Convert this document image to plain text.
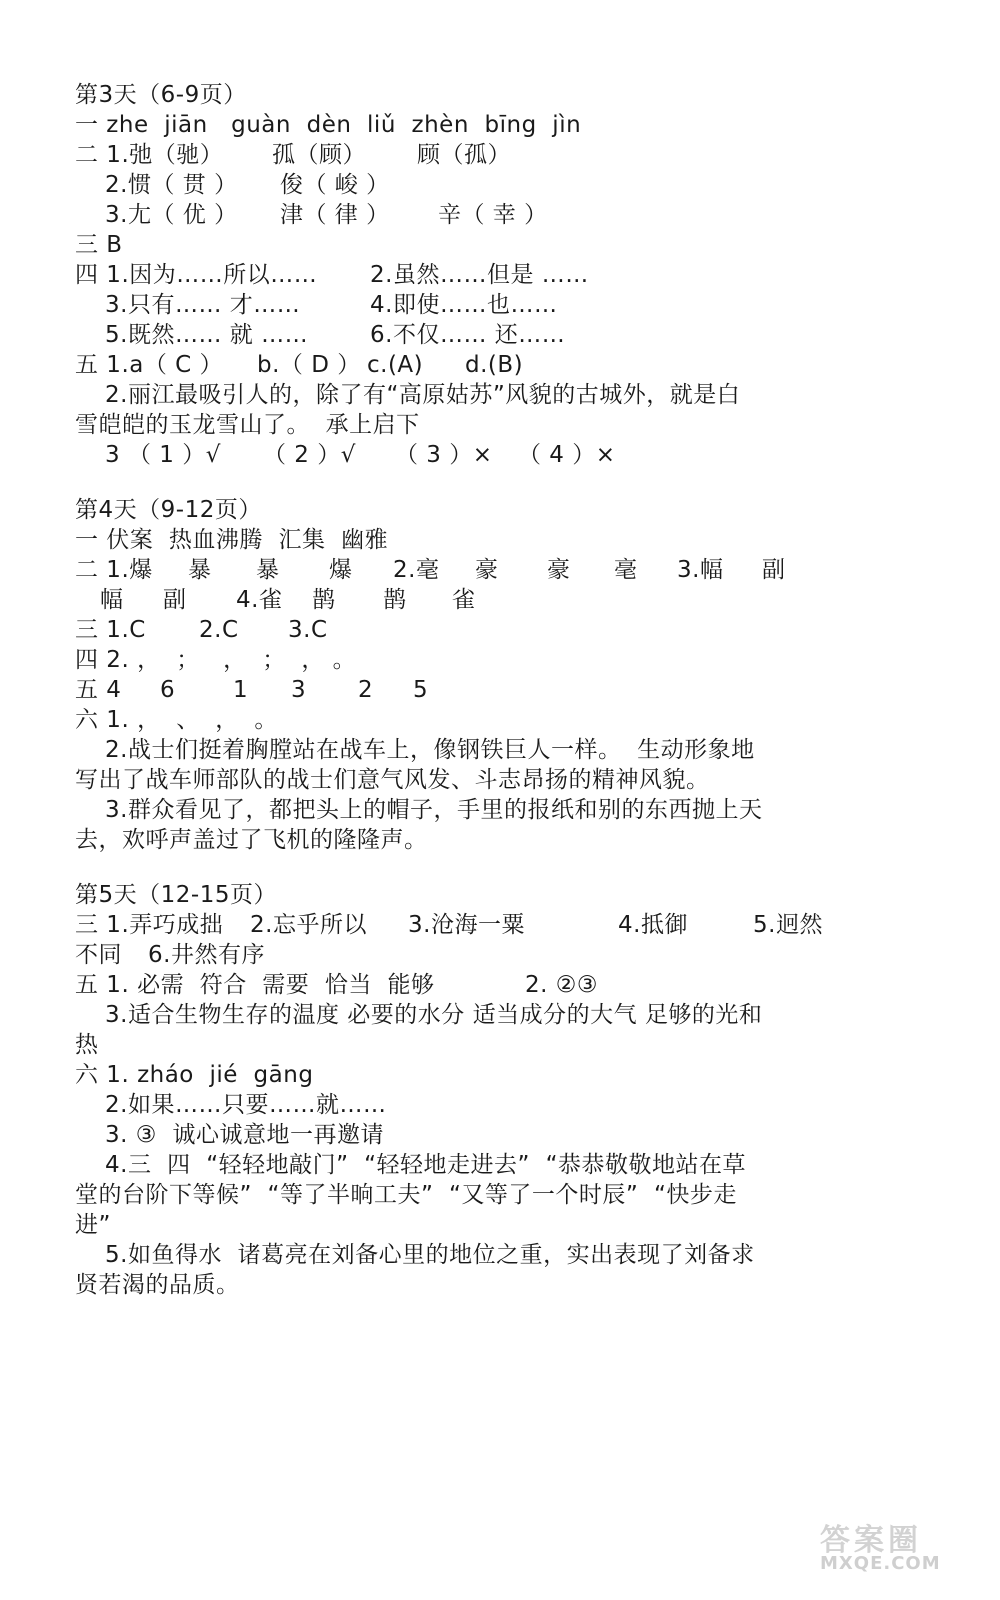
第3天（6-9页）
一 zhe  jiān   guàn  dèn  liǔ  zhèn  bīng  jìn
二 1.弛（驰） 孤（顾） 顾（孤）
2.惯（ 贯 ） 俊（ 峻 ）
3.尢（ 优 ） 津（ 律 ） 辛（ 幸 ）
三 B
四 1.因为……所以…… 2.虽然……但是 ……
3.只有…… 才……	4.即使……也……
5.既然…… 就 ……	6.不仅…… 还……
五 1.a（ C ） b.（ D ） c.(A) d.(B)
2.丽江最吸引人的，除了有“高原姑苏”风貌的古城外，就是白
雪皑皑的玉龙雪山了。  承上启下
3 （ 1 ）√ （ 2 ）√ （ 3 ）× （ 4 ）×
第4天（9-12页）
一 伏案  热血沸腾  汇集  幽雅
二 1.爆 暴 暴 爆 2.毫 豪 豪 毫 3.幅 副
幅 副 4.雀 鹊 鹊 雀
三 1.C 2.C 3.C
四 2. ，  ；   ，  ；  ， 。
五 4 6	1 3 2 5
六 1. ，  、  ，  。
2.战士们挺着胸膛站在战车上，像钢铁巨人一样。  生动形象地
写出了战车师部队的战士们意气风发、斗志昂扬的精神风貌。
3.群众看见了，都把头上的帽子，手里的报纸和别的东西抛上天
去，欢呼声盖过了飞机的隆隆声。
第5天（12-15页）
三 1.弄巧成拙 2.忘乎所以 3.沧海一粟	4.抵御	5.迥然
不同 6.井然有序
五 1. 必需  符合  需要  恰当  能够	2. ②③
3.适合生物生存的温度 必要的水分 适当成分的大气 足够的光和
热
六 1. zháo  jié  gāng
2.如果……只要……就……
3. ③  诚心诚意地一再邀请
4.三  四  “轻轻地敲门”  “轻轻地走进去”  “恭恭敬敬地站在草
堂的台阶下等候”  “等了半晌工夫”  “又等了一个时辰”  “快步走
进”
5.如鱼得水  诸葛亮在刘备心里的地位之重，实出表现了刘备求
贤若渴的品质。
答案圈
MXQE.COM
